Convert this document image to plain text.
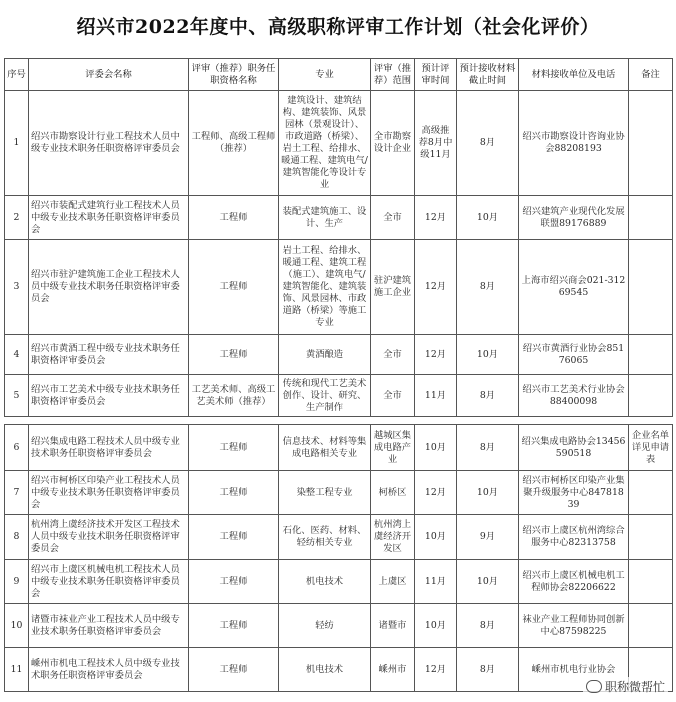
绍兴市2022年度中、高级职称评审工作计划（社会化评价）
序号	评委会名称	评审（推荐）职务任职资格名称	专业	评审（推荐）范围	预计评审时间	预计接收材料截止时间	材料接收单位及电话	备注
1	绍兴市勘察设计行业工程技术人员中级专业技术职务任职资格评审委员会	工程师、高级工程师（推荐）	建筑设计、建筑结构、建筑装饰、风景园林（景观设计）、市政道路（桥梁）、岩土工程、给排水、暖通工程、建筑电气/建筑智能化等设计专业	全市勘察设计企业	高级推荐8月中级11月	8月	绍兴市勘察设计咨询业协会88208193	
2	绍兴市装配式建筑行业工程技术人员中级专业技术职务任职资格评审委员会	工程师	装配式建筑施工、设计、生产	全市	12月	10月	绍兴建筑产业现代化发展联盟89176889	
3	绍兴市驻沪建筑施工企业工程技术人员中级专业技术职务任职资格评审委员会	工程师	岩土工程、给排水、暖通工程、建筑工程（施工）、建筑电气/建筑智能化、建筑装饰、风景园林、市政道路（桥梁）等施工专业	驻沪建筑施工企业	12月	8月	上海市绍兴商会021-31269545	
4	绍兴市黄酒工程中级专业技术职务任职资格评审委员会	工程师	黄酒酿造	全市	12月	10月	绍兴市黄酒行业协会85176065	
5	绍兴市工艺美术中级专业技术职务任职资格评审委员会	工艺美术师、高级工艺美术师（推荐）	传统和现代工艺美术创作、设计、研究、生产制作	全市	11月	8月	绍兴市工艺美术行业协会88400098	
6	绍兴集成电路工程技术人员中级专业技术职务任职资格评审委员会	工程师	信息技术、材料等集成电路相关专业	越城区集成电路产业	10月	8月	绍兴集成电路协会13456590518	企业名单详见申请表
7	绍兴市柯桥区印染产业工程技术人员中级专业技术职务任职资格评审委员会	工程师	染整工程专业	柯桥区	12月	10月	绍兴市柯桥区印染产业集聚升级服务中心84781839	
8	杭州湾上虞经济技术开发区工程技术人员中级专业技术职务任职资格评审委员会	工程师	石化、医药、材料、轻纺相关专业	杭州湾上虞经济开发区	10月	9月	绍兴市上虞区杭州湾综合服务中心82313758	
9	绍兴市上虞区机械电机工程技术人员中级专业技术职务任职资格评审委员会	工程师	机电技术	上虞区	11月	10月	绍兴市上虞区机械电机工程师协会82206622	
10	诸暨市袜业产业工程技术人员中级专业技术职务任职资格评审委员会	工程师	轻纺	诸暨市	10月	8月	袜业产业工程师协同创新中心87598225	
11	嵊州市机电工程技术人员中级专业技术职务任职资格评审委员会	工程师	机电技术	嵊州市	12月	8月	嵊州市机电行业协会	
职称微帮忙
